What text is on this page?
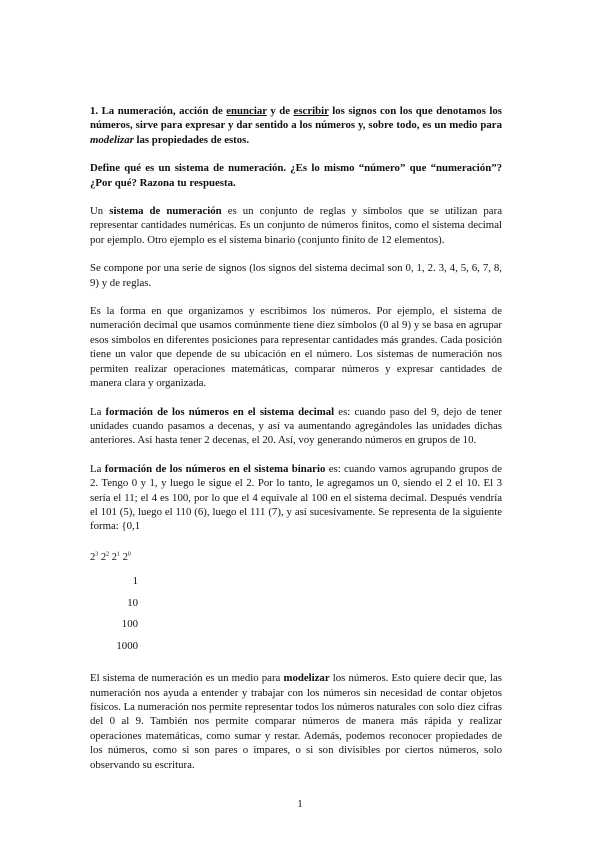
1. La numeración, acción de enunciar y de escribir los signos con los que denotamos los números, sirve para expresar y dar sentido a los números y, sobre todo, es un medio para modelizar las propiedades de estos.

Define qué es un sistema de numeración. ¿Es lo mismo “número” que “numeración”? ¿Por qué? Razona tu respuesta.

Un sistema de numeración es un conjunto de reglas y símbolos que se utilizan para representar cantidades numéricas. Es un conjunto de números finitos, como el sistema decimal por ejemplo. Otro ejemplo es el sistema binario (conjunto finito de 12 elementos).

Se compone por una serie de signos (los signos del sistema decimal son 0, 1, 2. 3, 4, 5, 6, 7, 8, 9) y de reglas.

Es la forma en que organizamos y escribimos los números. Por ejemplo, el sistema de numeración decimal que usamos comúnmente tiene diez símbolos (0 al 9) y se basa en agrupar esos símbolos en diferentes posiciones para representar cantidades más grandes. Cada posición tiene un valor que depende de su ubicación en el número. Los sistemas de numeración nos permiten realizar operaciones matemáticas, comparar números y expresar cantidades de manera clara y organizada.

La formación de los números en el sistema decimal es: cuando paso del 9, dejo de tener unidades cuando pasamos a decenas, y así va aumentando agregándoles las unidades dichas anteriores. Así hasta tener 2 decenas, el 20. Así, voy generando números en grupos de 10.

La formación de los números en el sistema binario es: cuando vamos agrupando grupos de 2. Tengo 0 y 1, y luego le sigue el 2. Por lo tanto, le agregamos un 0, siendo el 2 el 10. El 3 sería el 11; el 4 es 100, por lo que el 4 equivale al 100 en el sistema decimal. Después vendría el 101 (5), luego el 110 (6), luego el 111 (7), y así sucesivamente. Se representa de la siguiente forma: {0,1

$2^3$ $2^2$ $2^1$ $2^0$
1
10
100
1000

El sistema de numeración es un medio para modelizar los números. Esto quiere decir que, las numeración nos ayuda a entender y trabajar con los números sin necesidad de contar objetos físicos. La numeración nos permite representar todos los números naturales con solo diez cifras del 0 al 9. También nos permite comparar números de manera más rápida y realizar operaciones matemáticas, como sumar y restar. Además, podemos reconocer propiedades de los números, como si son pares o impares, o si son divisibles por ciertos números, solo observando su escritura.

1
